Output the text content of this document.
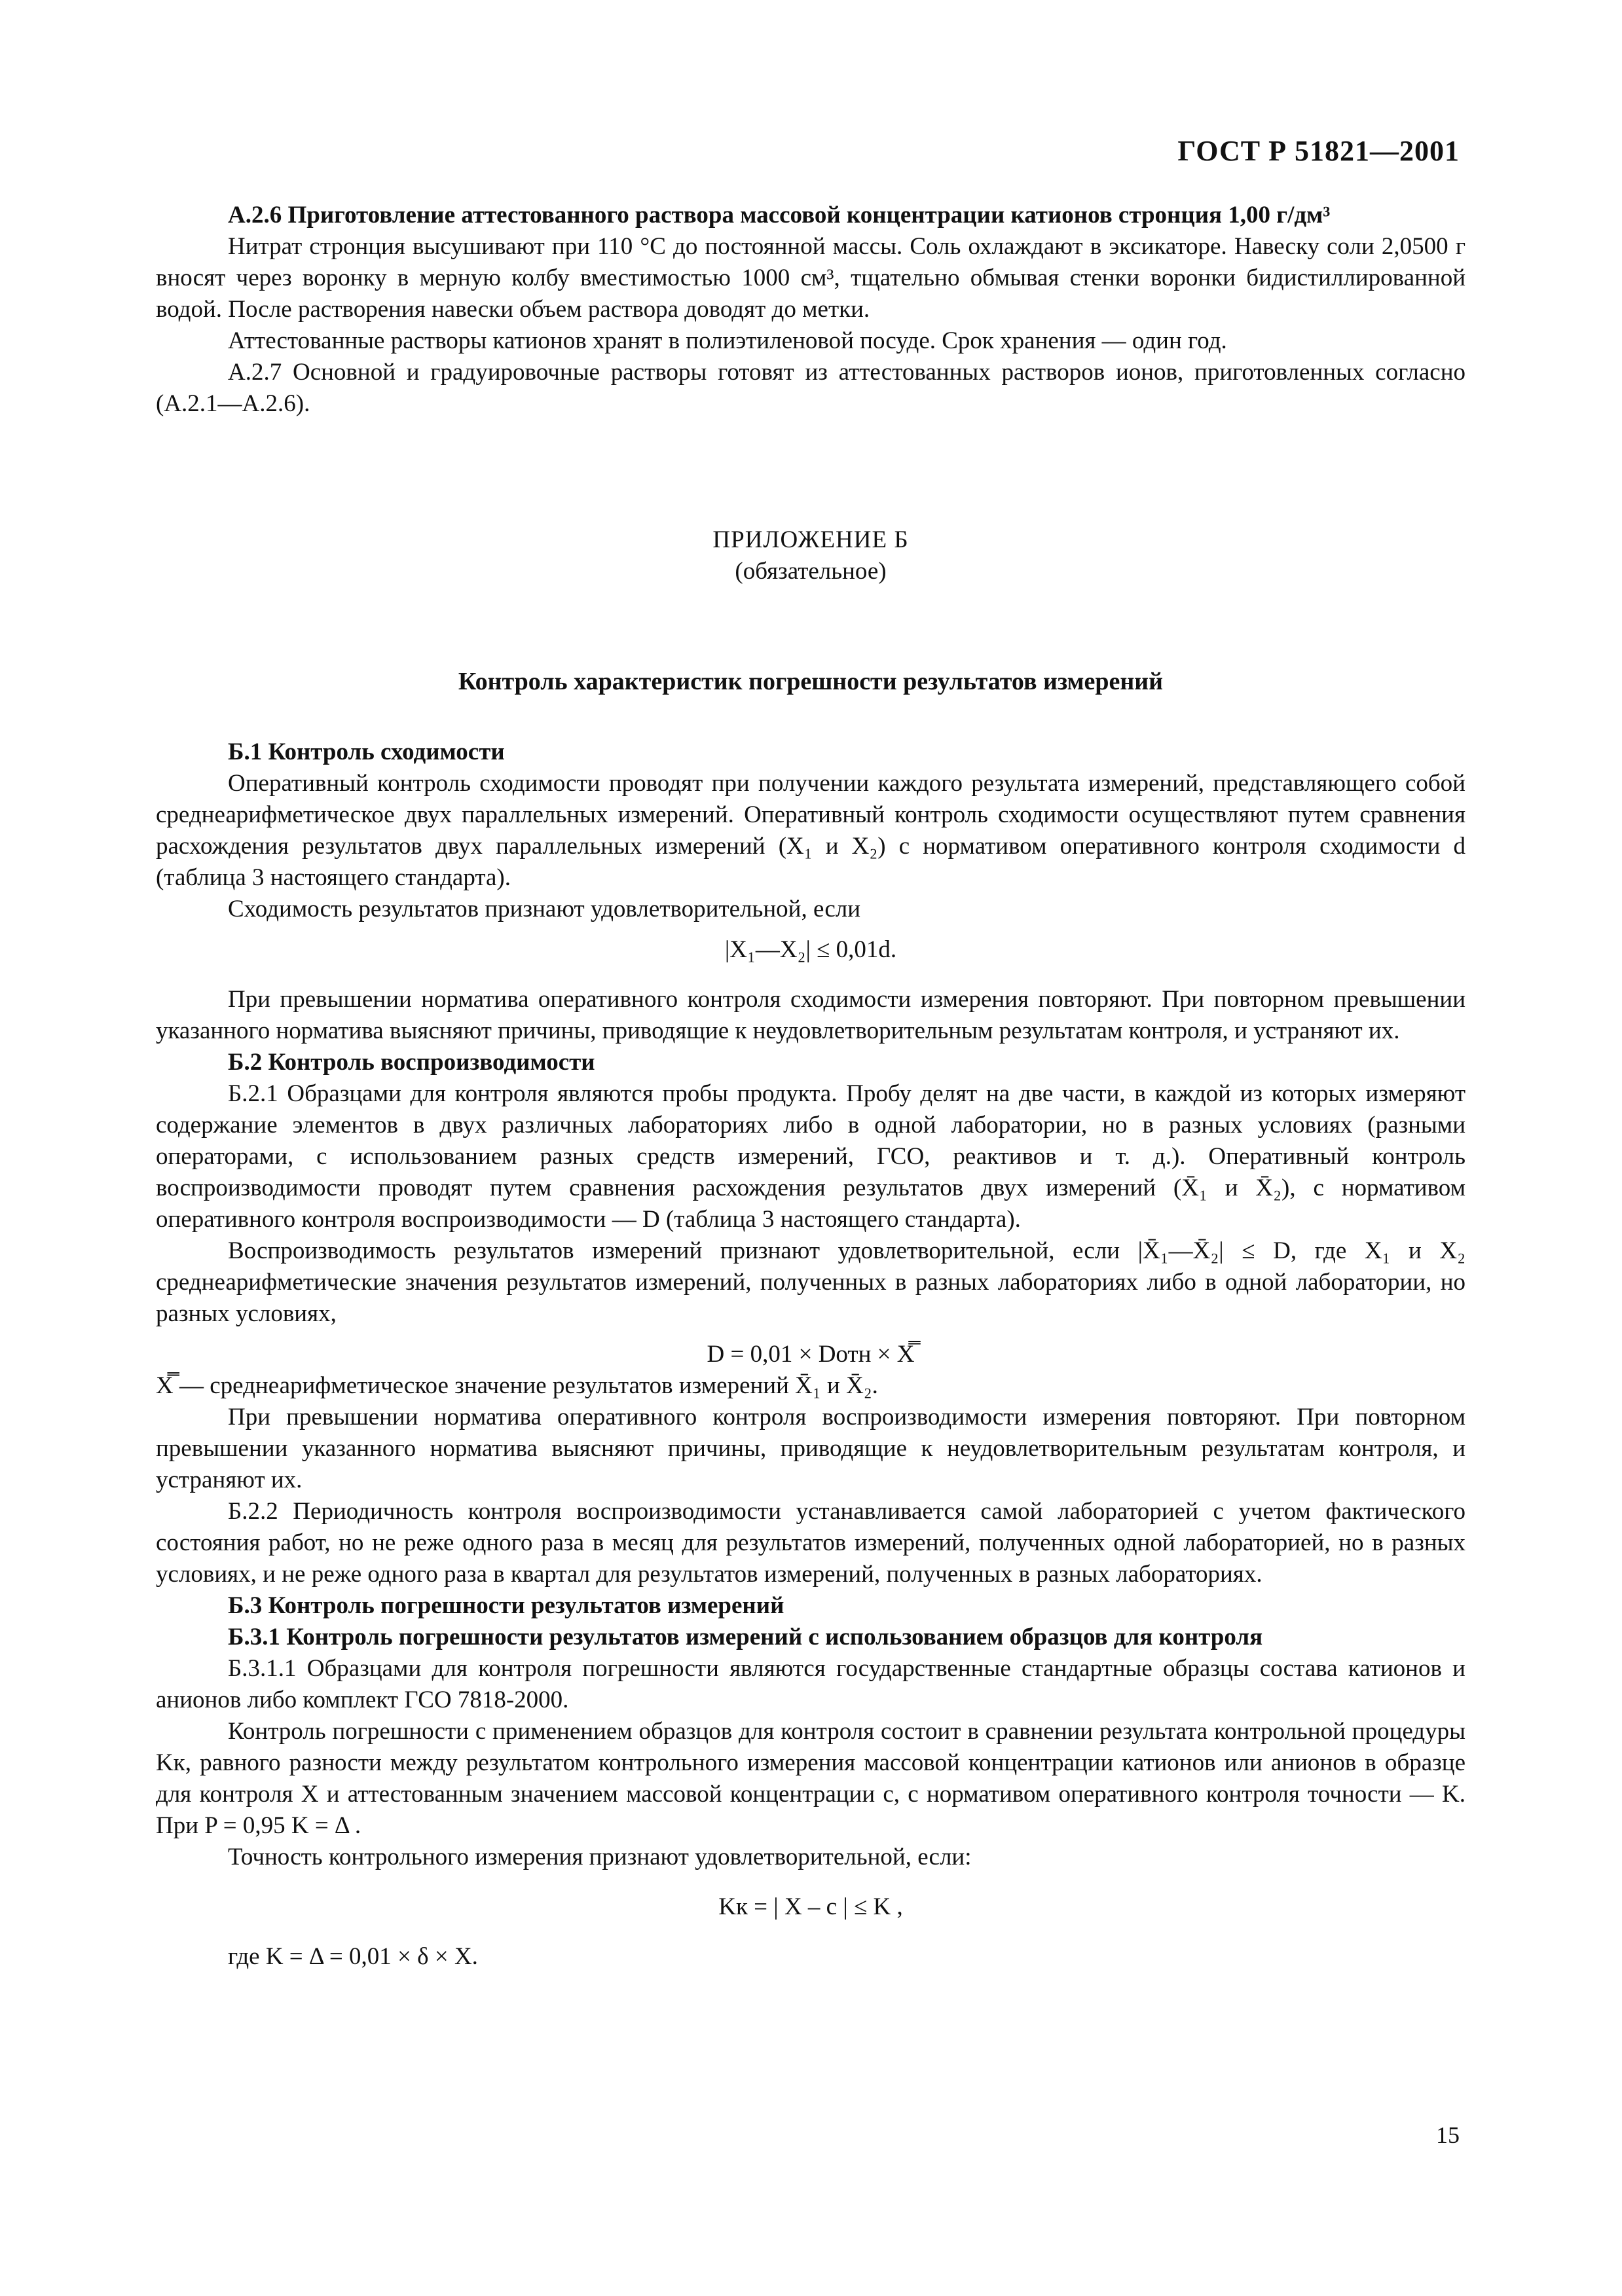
ГОСТ Р 51821—2001

А.2.6 Приготовление аттестованного раствора массовой концентрации катионов стронция 1,00 г/дм³

Нитрат стронция высушивают при 110 °С до постоянной массы. Соль охлаждают в эксикаторе. Навеску соли 2,0500 г вносят через воронку в мерную колбу вместимостью 1000 см³, тщательно обмывая стенки воронки бидистиллированной водой. После растворения навески объем раствора доводят до метки.

Аттестованные растворы катионов хранят в полиэтиленовой посуде. Срок хранения — один год.

А.2.7 Основной и градуировочные растворы готовят из аттестованных растворов ионов, приготовленных согласно (А.2.1—А.2.6).

ПРИЛОЖЕНИЕ Б

(обязательное)

Контроль характеристик погрешности результатов измерений

Б.1 Контроль сходимости

Оперативный контроль сходимости проводят при получении каждого результата измерений, представляющего собой среднеарифметическое двух параллельных измерений. Оперативный контроль сходимости осуществляют путем сравнения расхождения результатов двух параллельных измерений (X₁ и X₂) с нормативом оперативного контроля сходимости d (таблица 3 настоящего стандарта).

Сходимость результатов признают удовлетворительной, если

|X₁—X₂| ≤ 0,01d.

При превышении норматива оперативного контроля сходимости измерения повторяют. При повторном превышении указанного норматива выясняют причины, приводящие к неудовлетворительным результатам контроля, и устраняют их.

Б.2 Контроль воспроизводимости

Б.2.1 Образцами для контроля являются пробы продукта. Пробу делят на две части, в каждой из которых измеряют содержание элементов в двух различных лабораториях либо в одной лаборатории, но в разных условиях (разными операторами, с использованием разных средств измерений, ГСО, реактивов и т. д.). Оперативный контроль воспроизводимости проводят путем сравнения расхождения результатов двух измерений (X̄₁ и X̄₂), с нормативом оперативного контроля воспроизводимости — D (таблица 3 настоящего стандарта).

Воспроизводимость результатов измерений признают удовлетворительной, если |X̄₁—X̄₂| ≤ D, где X₁ и X₂ среднеарифметические значения результатов измерений, полученных в разных лабораториях либо в одной лаборатории, но разных условиях,

D = 0,01 × Dотн × X̿

X̿ — среднеарифметическое значение результатов измерений X̄₁ и X̄₂.

При превышении норматива оперативного контроля воспроизводимости измерения повторяют. При повторном превышении указанного норматива выясняют причины, приводящие к неудовлетворительным результатам контроля, и устраняют их.

Б.2.2 Периодичность контроля воспроизводимости устанавливается самой лабораторией с учетом фактического состояния работ, но не реже одного раза в месяц для результатов измерений, полученных одной лабораторией, но в разных условиях, и не реже одного раза в квартал для результатов измерений, полученных в разных лабораториях.

Б.3 Контроль погрешности результатов измерений

Б.3.1 Контроль погрешности результатов измерений с использованием образцов для контроля

Б.3.1.1 Образцами для контроля погрешности являются государственные стандартные образцы состава катионов и анионов либо комплект ГСО 7818-2000.

Контроль погрешности с применением образцов для контроля состоит в сравнении результата контрольной процедуры Kк, равного разности между результатом контрольного измерения массовой концентрации катионов или анионов в образце для контроля X и аттестованным значением массовой концентрации c, с нормативом оперативного контроля точности — K. При P = 0,95 K = Δ .

Точность контрольного измерения признают удовлетворительной, если:

Kк = | X – c | ≤ K ,

где K = Δ = 0,01 × δ × X.

15
